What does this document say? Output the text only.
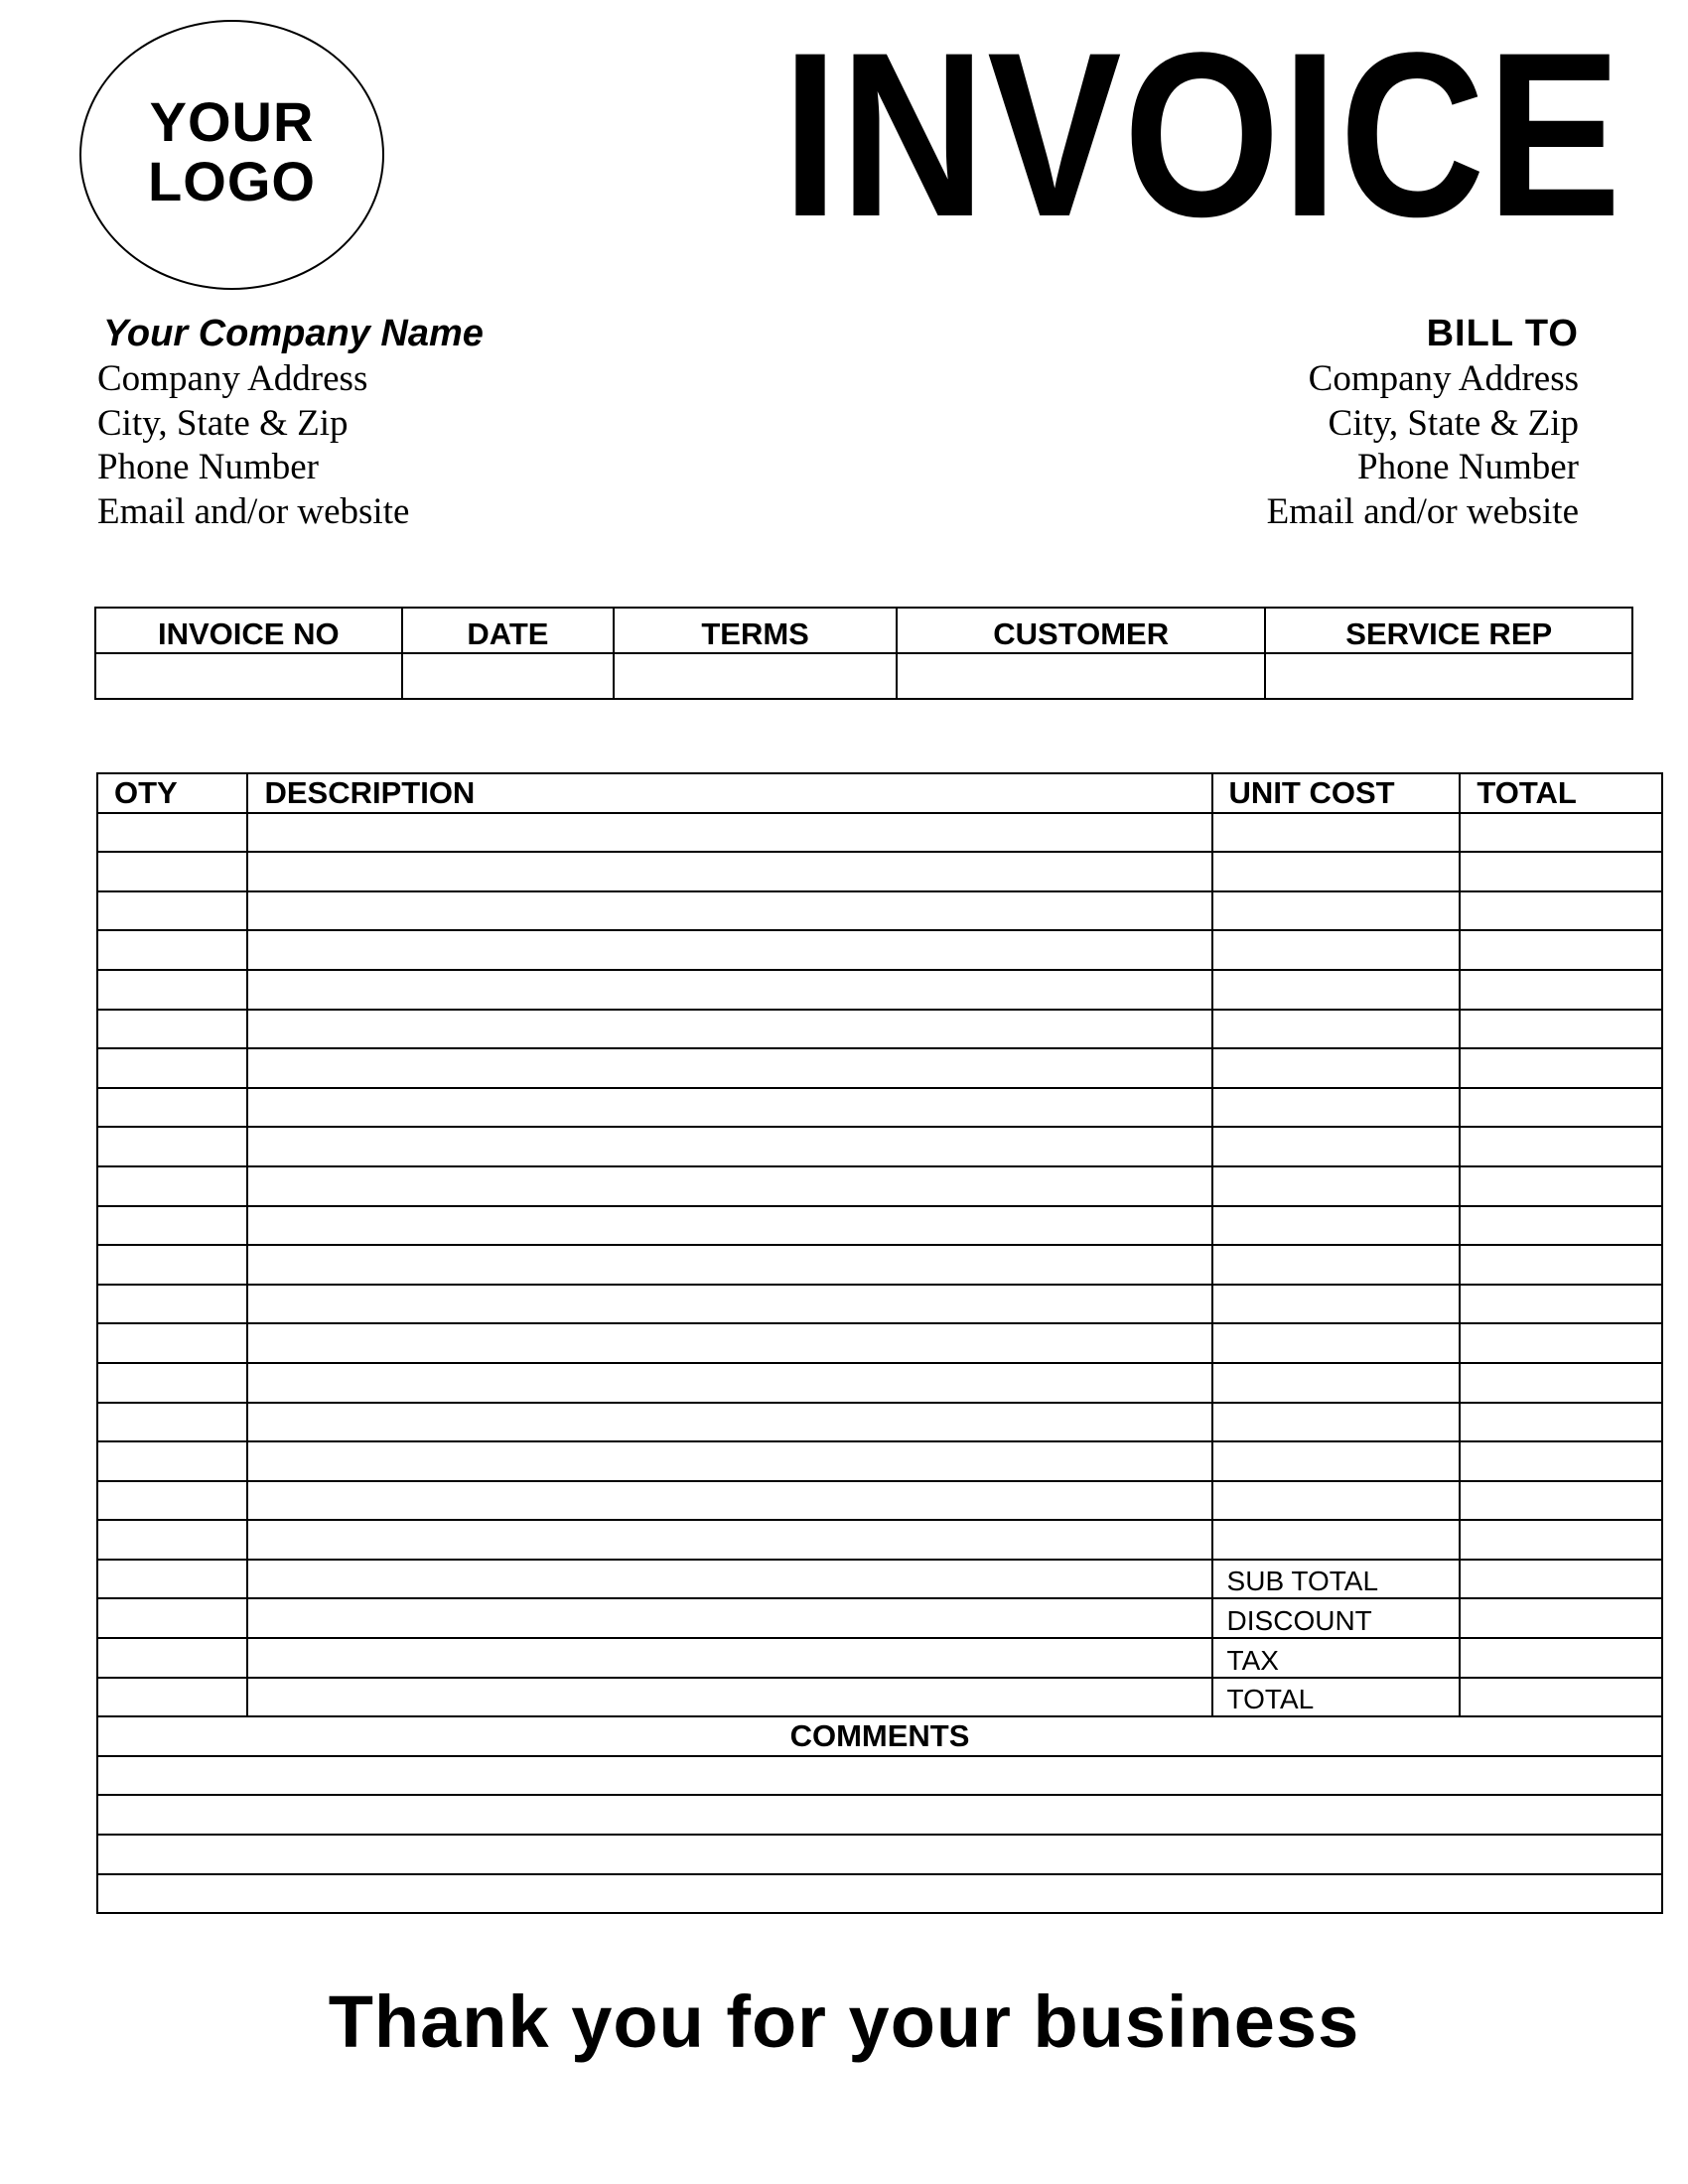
YOUR
LOGO INVOICE
Your Company Name
Company Address
City, State & Zip
Phone Number
Email and/or website
BILL TO
Company Address
City, State & Zip
Phone Number
Email and/or website
INVOICE NO	DATE	TERMS	CUSTOMER	SERVICE REP

OTY	DESCRIPTION	UNIT COST	TOTAL

		SUB TOTAL	
		DISCOUNT	
		TAX	
		TOTAL	
COMMENTS			

Thank you for your business
